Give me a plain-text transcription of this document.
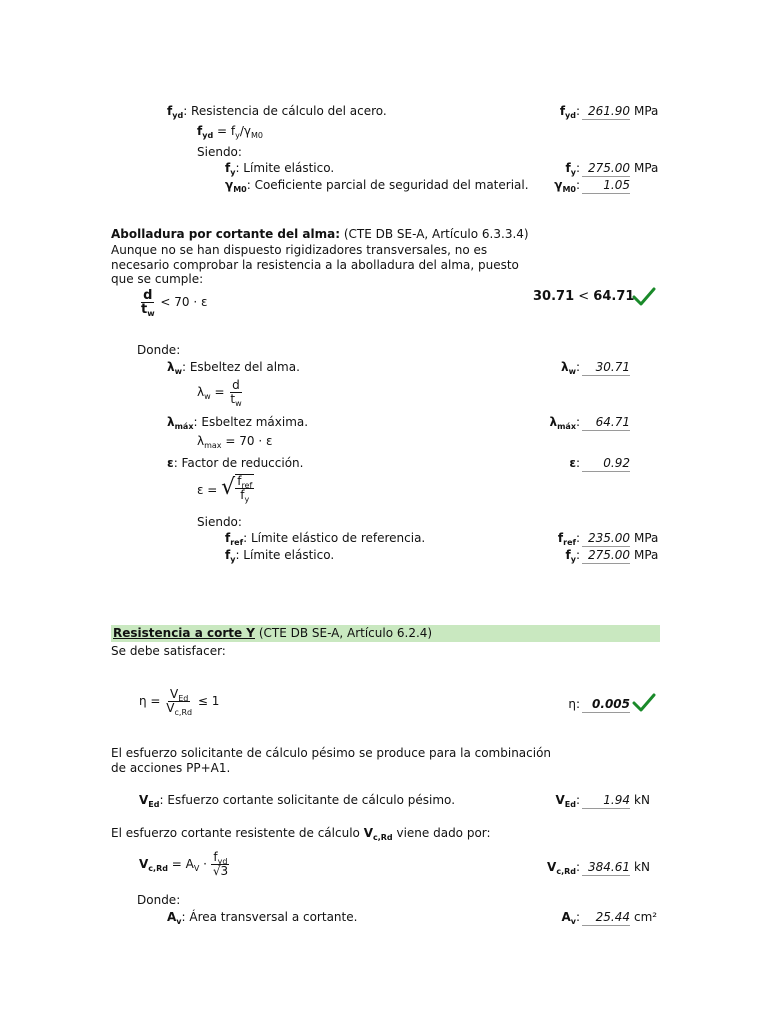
$f_{yd}$: Resistencia de cálculo del acero.
$f_{yd} = f_y/\gamma_{M0}$
Siendo:
$f_y$: Límite elástico.
$\gamma_{M0}$: Coeficiente parcial de seguridad del material.
$f_{yd}$ : 261.90 MPa
$f_y$ : 275.00 MPa
$\gamma_{M0}$ :	1.05
Abolladura por cortante del alma: (CTE DB SE-A, Artículo 6.3.3.4)
Aunque no se han dispuesto rigidizadores transversales, no es
necesario comprobar la resistencia a la abolladura del alma, puesto
que se cumple:
$\frac{d}{t_w} < 70 \cdot \varepsilon$	30.71 < 64.71
Donde:
$\lambda_w$: Esbeltez del alma.
$\lambda_w = \frac{d}{t_w}$
$\lambda_{máx}$: Esbeltez máxima.
$\lambda_{max} = 70 \cdot \varepsilon$
ε: Factor de reducción.
ε = √ $\frac{f_{ref}}{f_y}$
Siendo:
$f_{ref}$: Límite elástico de referencia.
$f_y$: Límite elástico.
$\lambda_w$ :	30.71
$\lambda_{máx}$ :	64.71
ε :	0.92
$f_{ref}$ : 235.00 MPa
$f_y$ : 275.00 MPa
Resistencia a corte Y (CTE DB SE-A, Artículo 6.2.4)
Se debe satisfacer:
$\eta = \frac{V_{Ed}}{V_{c,Rd}} \le 1$	η : 0.005
El esfuerzo solicitante de cálculo pésimo se produce para la combinación
de acciones PP+A1.
$V_{Ed}$: Esfuerzo cortante solicitante de cálculo pésimo.	$V_{Ed}$ :	1.94 kN
El esfuerzo cortante resistente de cálculo $V_{c,Rd}$ viene dado por:
$V_{c,Rd} = A_V \cdot \frac{f_{yd}}{√3}$	$V_{c,Rd}$ : 384.61 kN
Donde:
$A_v$: Área transversal a cortante.	$A_v$ :	25.44 cm²
